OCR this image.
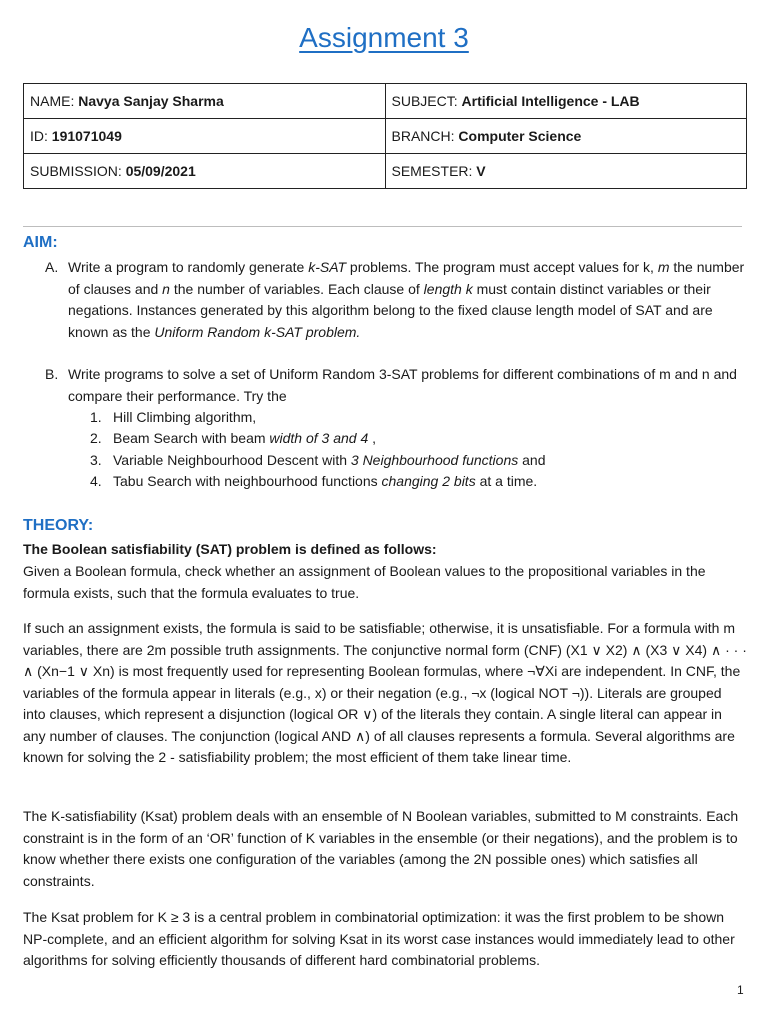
Assignment 3
NAME: Navya Sanjay Sharma	SUBJECT: Artificial Intelligence - LAB
ID: 191071049	BRANCH: Computer Science
SUBMISSION: 05/09/2021	SEMESTER: V
AIM:
A. Write a program to randomly generate k-SAT problems. The program must accept values for k, m the number of clauses and n the number of variables. Each clause of length k must contain distinct variables or their negations. Instances generated by this algorithm belong to the fixed clause length model of SAT and are known as the Uniform Random k-SAT problem.
B. Write programs to solve a set of Uniform Random 3-SAT problems for different combinations of m and n and compare their performance. Try the
1. Hill Climbing algorithm,
2. Beam Search with beam width of 3 and 4 ,
3. Variable Neighbourhood Descent with 3 Neighbourhood functions and
4. Tabu Search with neighbourhood functions changing 2 bits at a time.
THEORY:
The Boolean satisfiability (SAT) problem is defined as follows:
Given a Boolean formula, check whether an assignment of Boolean values to the propositional variables in the formula exists, such that the formula evaluates to true.
If such an assignment exists, the formula is said to be satisfiable; otherwise, it is unsatisfiable. For a formula with m variables, there are 2m possible truth assignments. The conjunctive normal form (CNF) (X1 ∨ X2) ∧ (X3 ∨ X4) ∧ · · · ∧ (Xn−1 ∨ Xn) is most frequently used for representing Boolean formulas, where ¬∀Xi are independent. In CNF, the variables of the formula appear in literals (e.g., x) or their negation (e.g., ¬x (logical NOT ¬)). Literals are grouped into clauses, which represent a disjunction (logical OR ∨) of the literals they contain. A single literal can appear in any number of clauses. The conjunction (logical AND ∧) of all clauses represents a formula. Several algorithms are known for solving the 2 - satisfiability problem; the most efficient of them take linear time.
The K-satisfiability (Ksat) problem deals with an ensemble of N Boolean variables, submitted to M constraints. Each constraint is in the form of an ‘OR’ function of K variables in the ensemble (or their negations), and the problem is to know whether there exists one configuration of the variables (among the 2N possible ones) which satisfies all constraints.
The Ksat problem for K ≥ 3 is a central problem in combinatorial optimization: it was the first problem to be shown NP-complete, and an efficient algorithm for solving Ksat in its worst case instances would immediately lead to other algorithms for solving efficiently thousands of different hard combinatorial problems.
1
